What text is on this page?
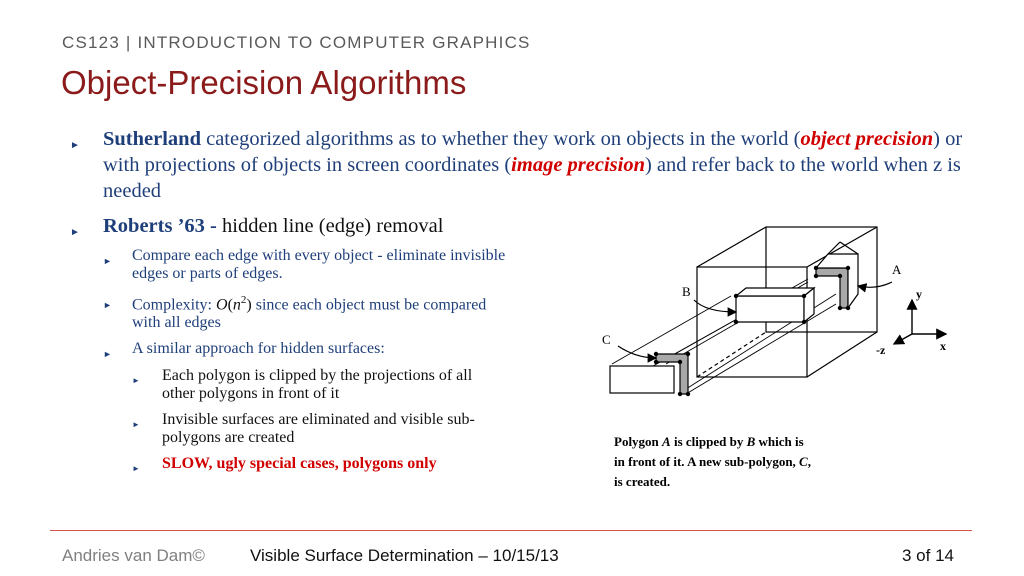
CS123 | INTRODUCTION TO COMPUTER GRAPHICS
Object-Precision Algorithms
► Sutherland categorized algorithms as to whether they work on objects in the world (object precision) or with projections of objects in screen coordinates (image precision) and refer back to the world when z is needed
► Roberts ’63 - hidden line (edge) removal
► Compare each edge with every object - eliminate invisible edges or parts of edges.
► Complexity: $O(n^2)$ since each object must be compared with all edges
► A similar approach for hidden surfaces:
► Each polygon is clipped by the projections of all other polygons in front of it
► Invisible surfaces are eliminated and visible sub-polygons are created
► SLOW, ugly special cases, polygons only
A
B
C
y
x
-z
Polygon A is clipped by B which is
in front of it. A new sub-polygon, C,
is created.
Andries van Dam©	Visible Surface Determination – 10/15/13	3 of 14
